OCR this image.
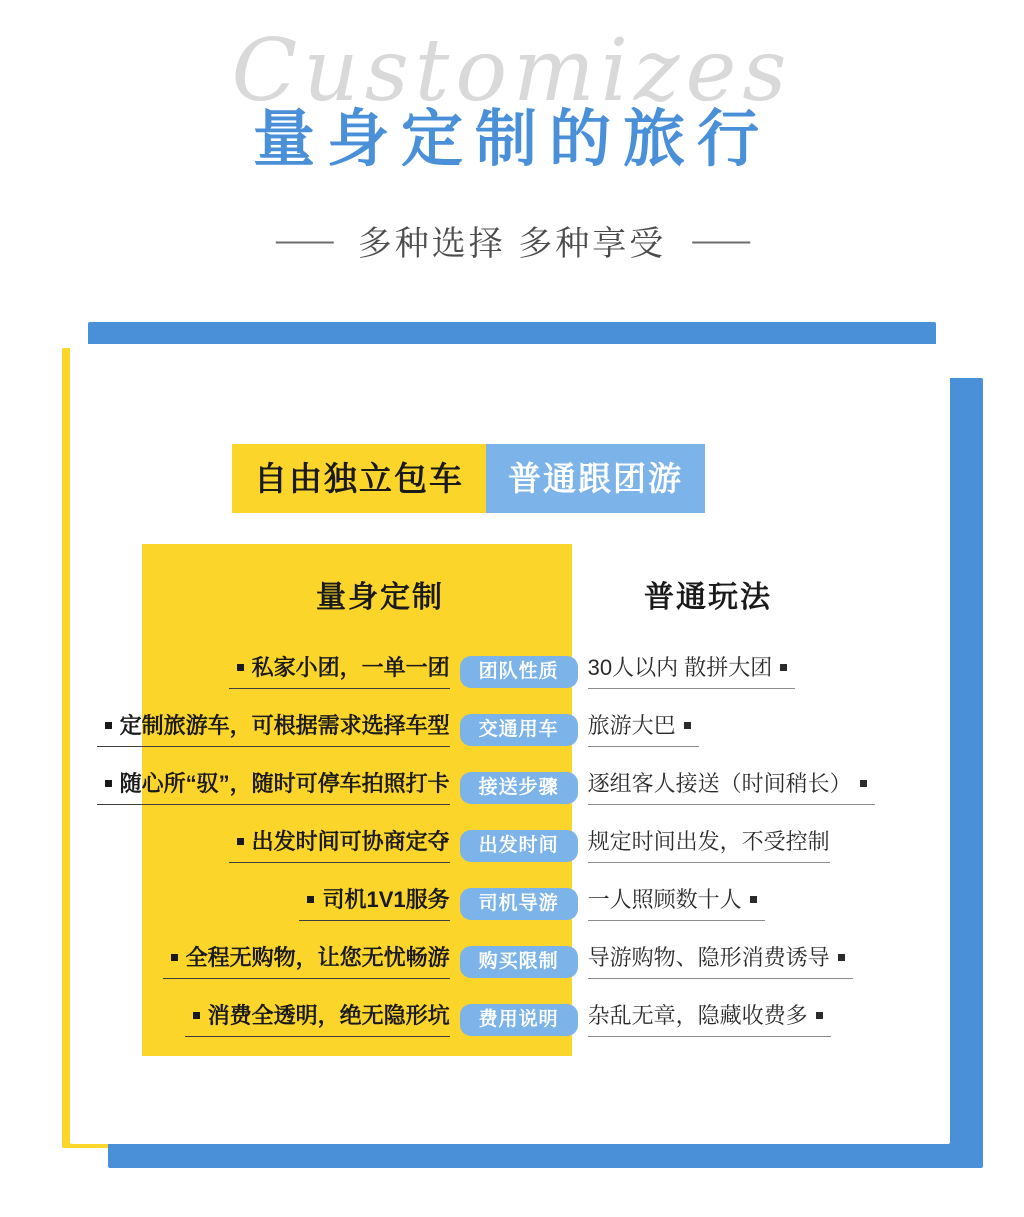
Customizes
量身定制的旅行
—— 多种选择 多种享受 ——
自由独立包车	普通跟团游
量身定制	普通玩法
私家小团，一单一团	团队性质	30人以内 散拼大团
定制旅游车，可根据需求选择车型	交通用车	旅游大巴
随心所“驭”，随时可停车拍照打卡	接送步骤	逐组客人接送（时间稍长）
出发时间可协商定夺	出发时间	规定时间出发，不受控制
司机1V1服务	司机导游	一人照顾数十人
全程无购物，让您无忧畅游	购买限制	导游购物、隐形消费诱导
消费全透明，绝无隐形坑	费用说明	杂乱无章，隐藏收费多
